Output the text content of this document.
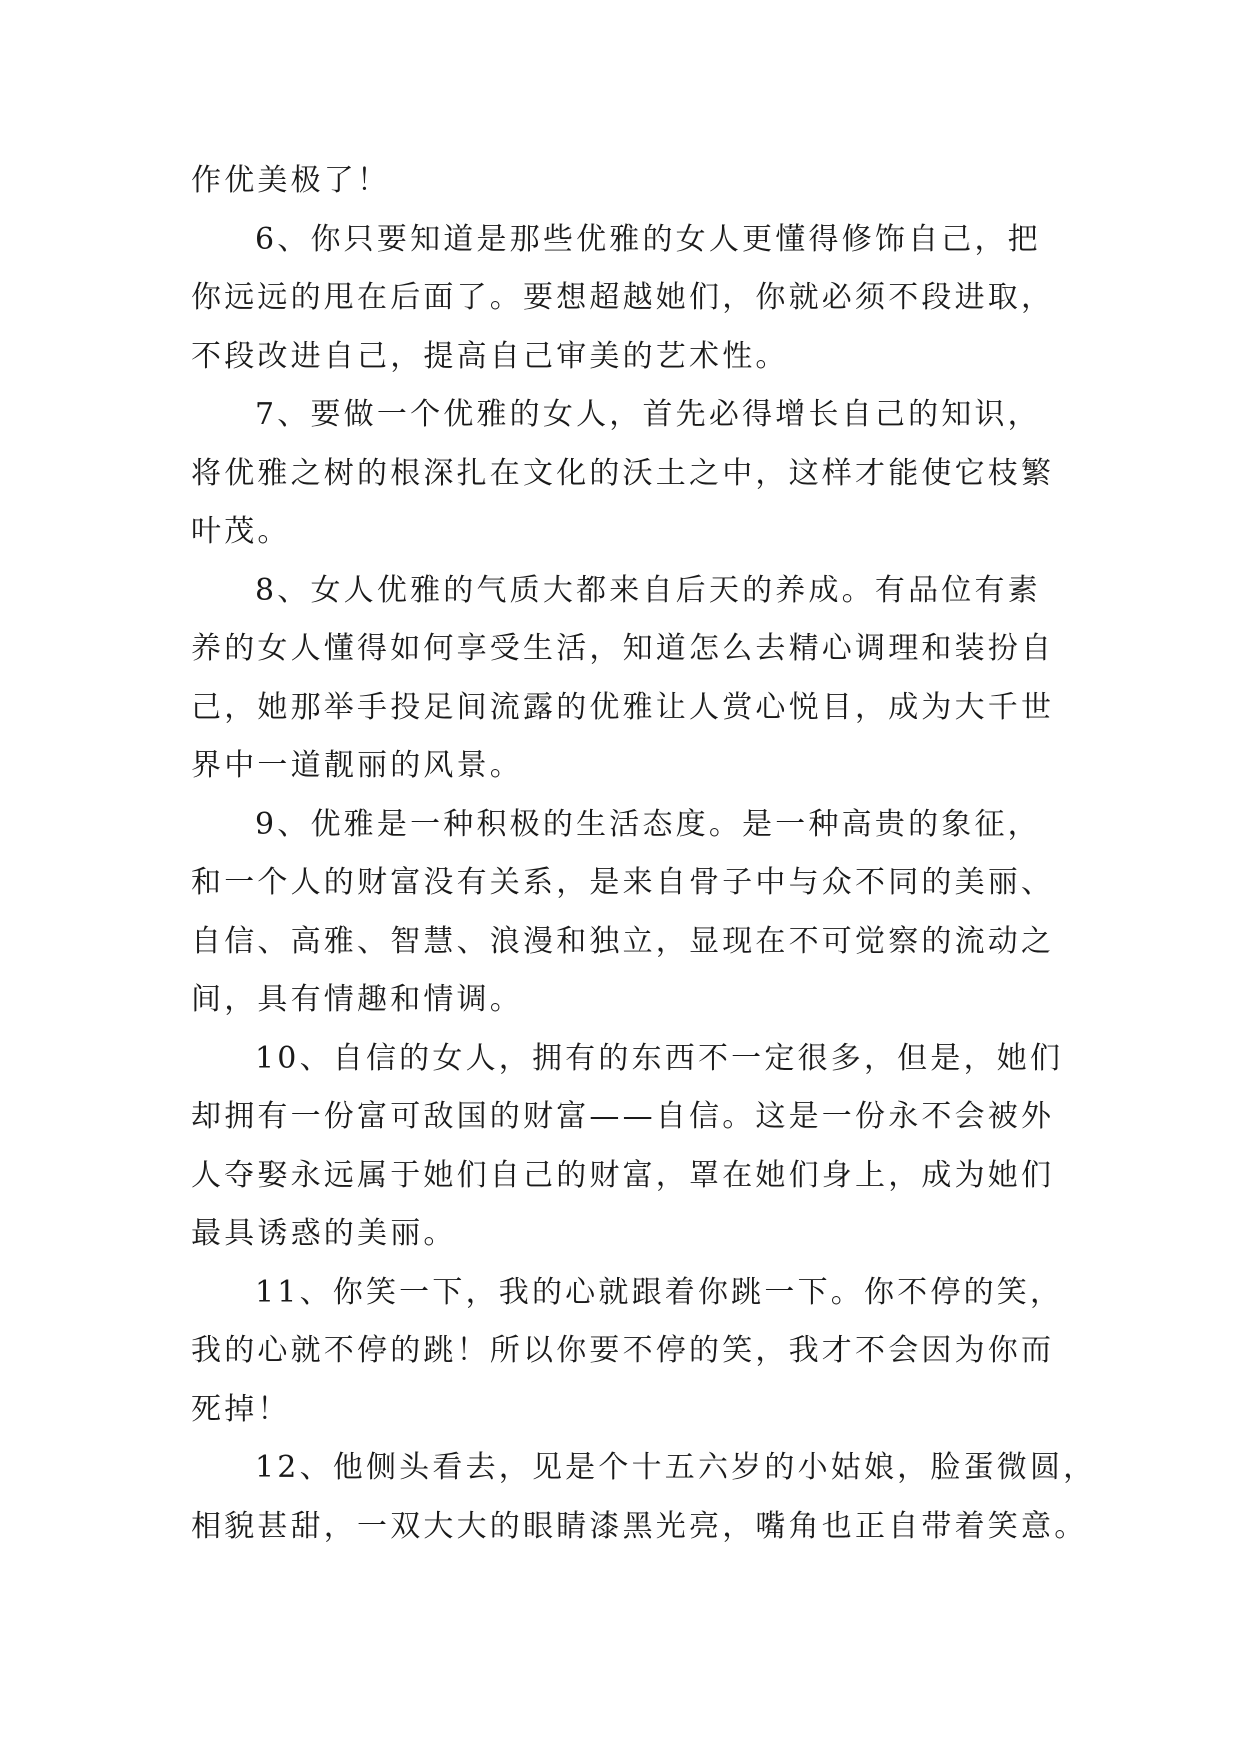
作优美极了！
6、你只要知道是那些优雅的女人更懂得修饰自己，把
你远远的甩在后面了。要想超越她们，你就必须不段进取，
不段改进自己，提高自己审美的艺术性。
7、要做一个优雅的女人，首先必得增长自己的知识，
将优雅之树的根深扎在文化的沃土之中，这样才能使它枝繁
叶茂。
8、女人优雅的气质大都来自后天的养成。有品位有素
养的女人懂得如何享受生活，知道怎么去精心调理和装扮自
己，她那举手投足间流露的优雅让人赏心悦目，成为大千世
界中一道靓丽的风景。
9、优雅是一种积极的生活态度。是一种高贵的象征，
和一个人的财富没有关系，是来自骨子中与众不同的美丽、
自信、高雅、智慧、浪漫和独立，显现在不可觉察的流动之
间，具有情趣和情调。
10、自信的女人，拥有的东西不一定很多，但是，她们
却拥有一份富可敌国的财富——自信。这是一份永不会被外
人夺娶永远属于她们自己的财富，罩在她们身上，成为她们
最具诱惑的美丽。
11、你笑一下，我的心就跟着你跳一下。你不停的笑，
我的心就不停的跳！所以你要不停的笑，我才不会因为你而
死掉！
12、他侧头看去，见是个十五六岁的小姑娘，脸蛋微圆，
相貌甚甜，一双大大的眼睛漆黑光亮，嘴角也正自带着笑意。
